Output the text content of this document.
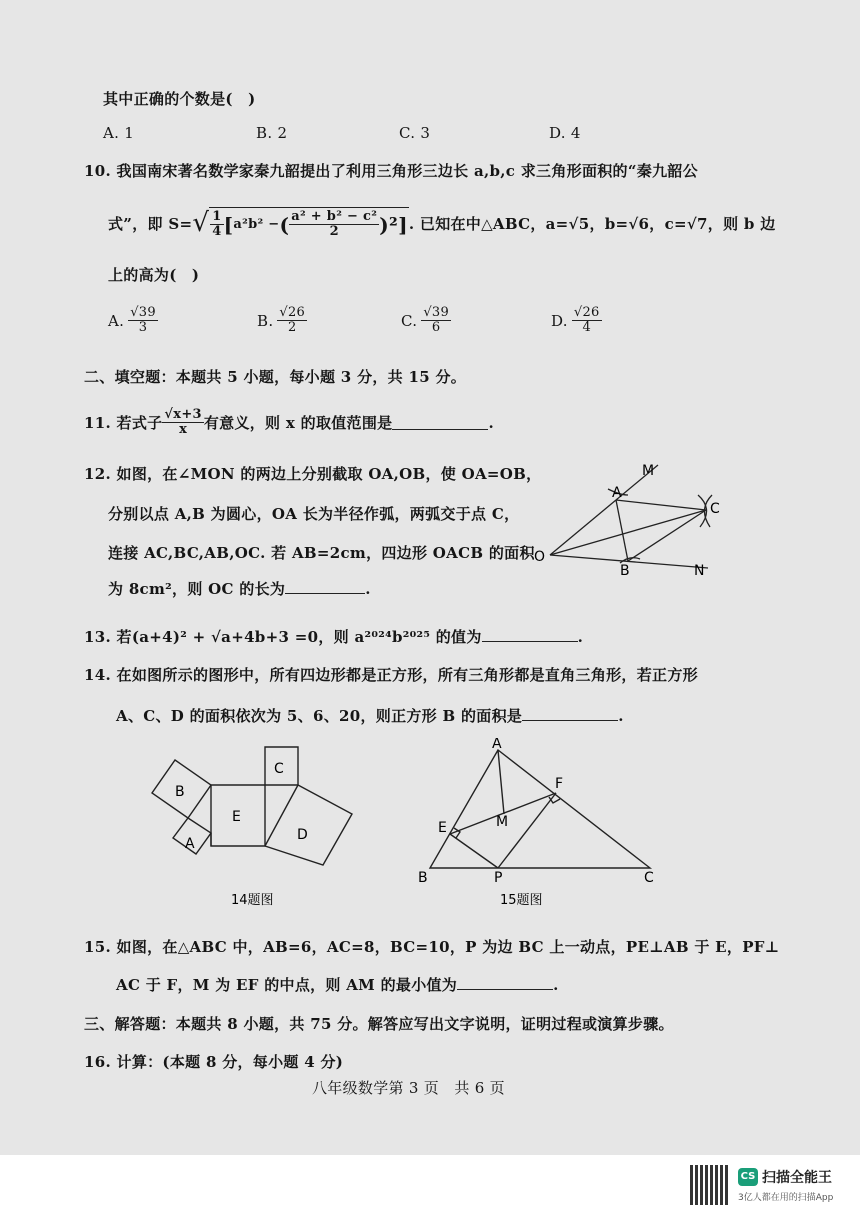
其中正确的个数是(　)
A. 1	B. 2	C. 3	D. 4
10. 我国南宋著名数学家秦九韶提出了利用三角形三边长 a,b,c 求三角形面积的“秦九韶公
式”，即 S= √ $\frac{1}{4}$ [ a²b² − ( $\frac{\text{a² + b² − c²}}{2} )^2$ ] . 已知在中△ABC，a=√5，b=√6，c=√7，则 b 边
上的高为(　)
A. $\frac{√39}{3}$	B. $\frac{√26}{2}$	C. $\frac{√39}{6}$	D. $\frac{√26}{4}$
二、填空题：本题共 5 小题，每小题 3 分，共 15 分。
11. 若式子 $\frac{√x+3}{x}$ 有意义，则 x 的取值范围是	.
12. 如图，在∠MON 的两边上分别截取 OA,OB，使 OA=OB，
分别以点 A,B 为圆心，OA 长为半径作弧，两弧交于点 C，
连接 AC,BC,AB,OC. 若 AB=2cm，四边形 OACB 的面积
为 8cm²，则 OC 的长为	.
M
A
C
O
B	N
13. 若(a+4)² + √a+4b+3 =0，则 a²⁰²⁴b²⁰²⁵ 的值为	.
14. 在如图所示的图形中，所有四边形都是正方形，所有三角形都是直角三角形，若正方形
A、C、D 的面积依次为 5、6、20，则正方形 B 的面积是	.
B
A
C
E
D
14题图
A
F
E	M
B	P	C
15题图
15. 如图，在△ABC 中，AB=6，AC=8，BC=10，P 为边 BC 上一动点，PE⊥AB 于 E，PF⊥
AC 于 F，M 为 EF 的中点，则 AM 的最小值为	.
三、解答题：本题共 8 小题，共 75 分。解答应写出文字说明，证明过程或演算步骤。
16. 计算：(本题 8 分，每小题 4 分)
八年级数学第 3 页　共 6 页
CS 扫描全能王
3亿人都在用的扫描App
